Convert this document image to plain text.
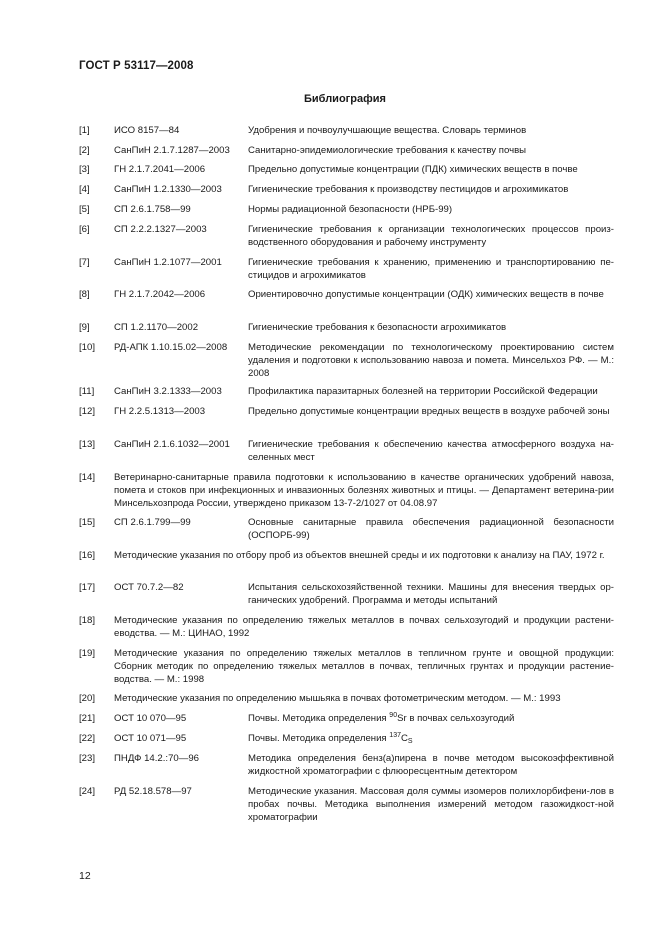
ГОСТ Р 53117—2008
Библиография
[1]	ИСО 8157—84	Удобрения и почвоулучшающие вещества. Словарь терминов
[2]	СанПиН 2.1.7.1287—2003	Санитарно-эпидемиологические требования к качеству почвы
[3]	ГН 2.1.7.2041—2006	Предельно допустимые концентрации (ПДК) химических веществ в почве
[4]	СанПиН 1.2.1330—2003	Гигиенические требования к производству пестицидов и агрохимикатов
[5]	СП 2.6.1.758—99	Нормы радиационной безопасности (НРБ-99)
[6]	СП 2.2.2.1327—2003	Гигиенические требования к организации технологических процессов произ-водственного оборудования и рабочему инструменту
[7]	СанПиН 1.2.1077—2001	Гигиенические требования к хранению, применению и транспортированию пе-стицидов и агрохимикатов
[8]	ГН 2.1.7.2042—2006	Ориентировочно допустимые концентрации (ОДК) химических веществ в почве
[9]	СП 1.2.1170—2002	Гигиенические требования к безопасности агрохимикатов
[10]	РД-АПК 1.10.15.02—2008	Методические рекомендации по технологическому проектированию систем удаления и подготовки к использованию навоза и помета. Минсельхоз РФ. — М.: 2008
[11]	СанПиН 3.2.1333—2003	Профилактика паразитарных болезней на территории Российской Федерации
[12]	ГН 2.2.5.1313—2003	Предельно допустимые концентрации вредных веществ в воздухе рабочей зоны
[13]	СанПиН 2.1.6.1032—2001	Гигиенические требования к обеспечению качества атмосферного воздуха на-селенных мест
[14]	Ветеринарно-санитарные правила подготовки к использованию в качестве органических удобрений навоза, помета и стоков при инфекционных и инвазионных болезнях животных и птицы. — Департамент ветерина-рии Минсельхозпрода России, утверждено приказом 13-7-2/1027 от 04.08.97
[15]	СП 2.6.1.799—99	Основные санитарные правила обеспечения радиационной безопасности (ОСПОРБ-99)
[16]	Методические указания по отбору проб из объектов внешней среды и их подготовки к анализу на ПАУ, 1972 г.
[17]	ОСТ 70.7.2—82	Испытания сельскохозяйственной техники. Машины для внесения твердых ор-ганических удобрений. Программа и методы испытаний
[18]	Методические указания по определению тяжелых металлов в почвах сельхозугодий и продукции растени-еводства. — М.: ЦИНАО, 1992
[19]	Методические указания по определению тяжелых металлов в тепличном грунте и овощной продукции: Сборник методик по определению тяжелых металлов в почвах, тепличных грунтах и продукции растение-водства. — М.: 1998
[20]	Методические указания по определению мышьяка в почвах фотометрическим методом. — М.: 1993
[21]	ОСТ 10 070—95	Почвы. Методика определения $^{90}$Sr в почвах сельхозугодий
[22]	ОСТ 10 071—95	Почвы. Методика определения $^{137}C_S$
[23]	ПНДФ 14.2.:70—96	Методика определения бенз(а)пирена в почве методом высокоэффективной жидкостной хроматографии с флюоресцентным детектором
[24]	РД 52.18.578—97	Методические указания. Массовая доля суммы изомеров полихлорбифени-лов в пробах почвы. Методика выполнения измерений методом газожидкост-ной хроматографии
12
